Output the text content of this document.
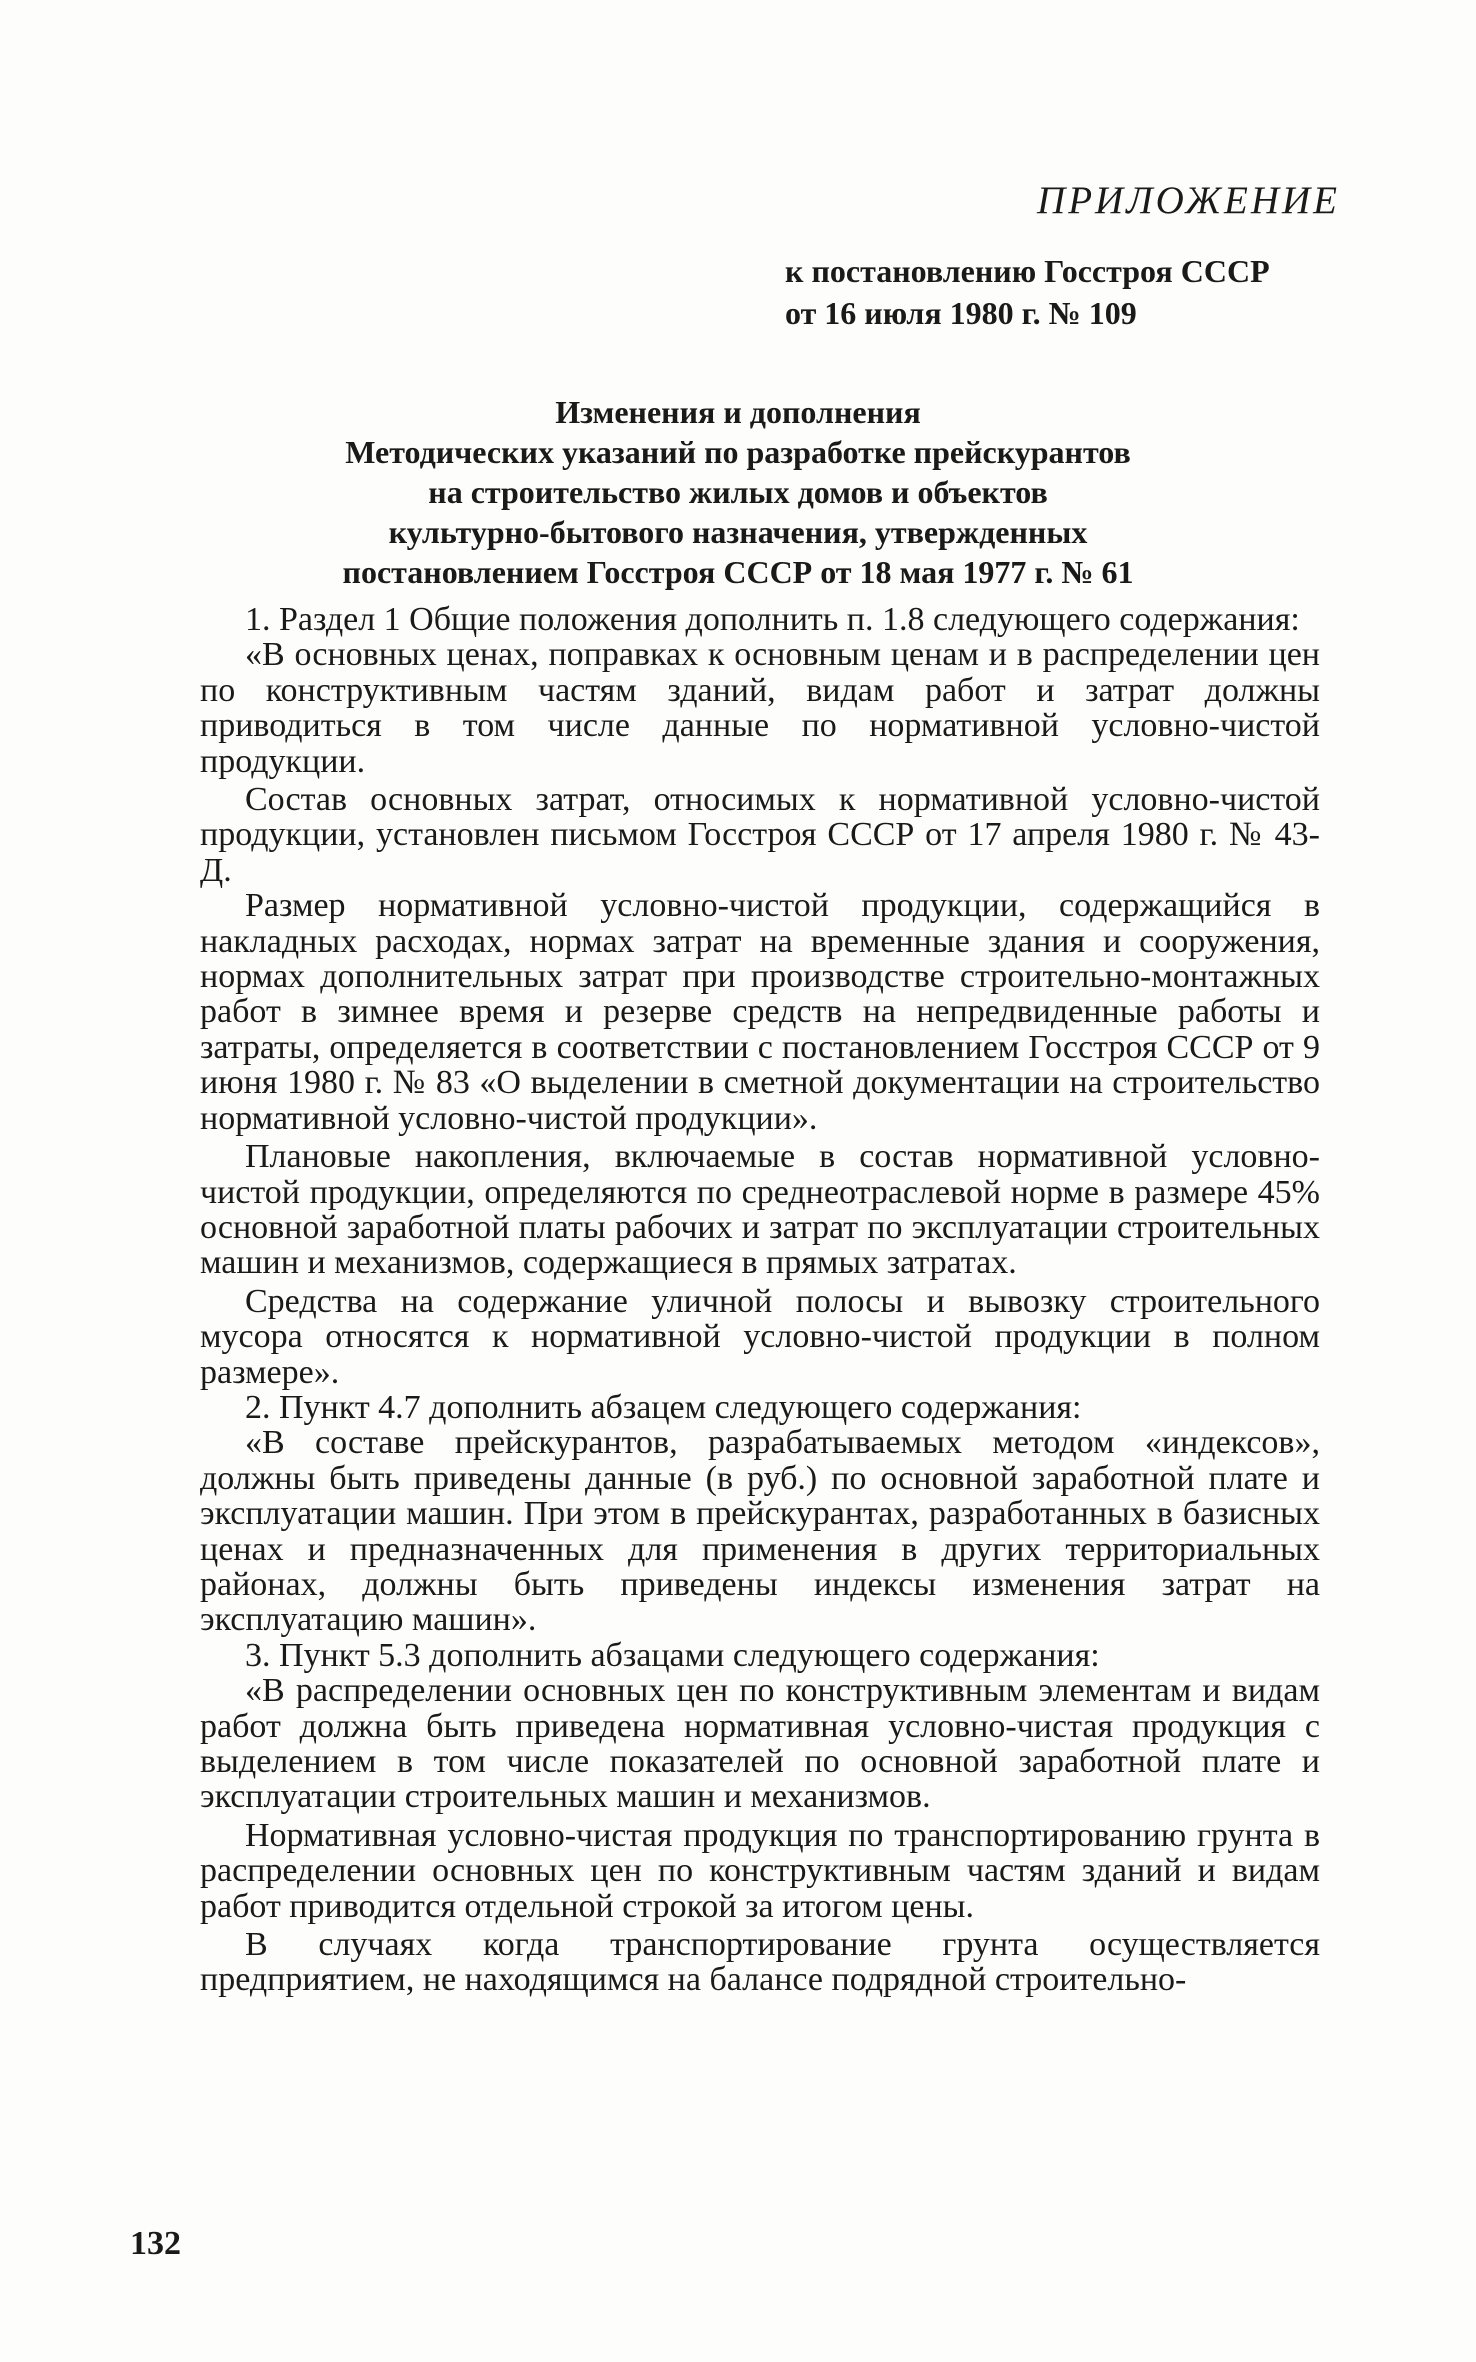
ПРИЛОЖЕНИЕ
к постановлению Госстроя СССР
от 16 июля 1980 г. № 109
Изменения и дополнения
Методических указаний по разработке прейскурантов
на строительство жилых домов и объектов
культурно-бытового назначения, утвержденных
постановлением Госстроя СССР от 18 мая 1977 г. № 61

1. Раздел 1 Общие положения дополнить п. 1.8 следующего содержания:

«В основных ценах, поправках к основным ценам и в распределении цен по конструктивным частям зданий, видам работ и затрат должны приводиться в том числе данные по нормативной условно-чистой продукции.

Состав основных затрат, относимых к нормативной условно-чистой продукции, установлен письмом Госстроя СССР от 17 апреля 1980 г. № 43-Д.

Размер нормативной условно-чистой продукции, содержащийся в накладных расходах, нормах затрат на временные здания и сооружения, нормах дополнительных затрат при производстве строительно-монтажных работ в зимнее время и резерве средств на непредвиденные работы и затраты, определяется в соответствии с постановлением Госстроя СССР от 9 июня 1980 г. № 83 «О выделении в сметной документации на строительство нормативной условно-чистой продукции».

Плановые накопления, включаемые в состав нормативной условно-чистой продукции, определяются по среднеотраслевой норме в размере 45% основной заработной платы рабочих и затрат по эксплуатации строительных машин и механизмов, содержащиеся в прямых затратах.

Средства на содержание уличной полосы и вывозку строительного мусора относятся к нормативной условно-чистой продукции в полном размере».

2. Пункт 4.7 дополнить абзацем следующего содержания:

«В составе прейскурантов, разрабатываемых методом «индексов», должны быть приведены данные (в руб.) по основной заработной плате и эксплуатации машин. При этом в прейскурантах, разработанных в базисных ценах и предназначенных для применения в других территориальных районах, должны быть приведены индексы изменения затрат на эксплуатацию машин».

3. Пункт 5.3 дополнить абзацами следующего содержания:

«В распределении основных цен по конструктивным элементам и видам работ должна быть приведена нормативная условно-чистая продукция с выделением в том числе показателей по основной заработной плате и эксплуатации строительных машин и механизмов.

Нормативная условно-чистая продукция по транспортированию грунта в распределении основных цен по конструктивным частям зданий и видам работ приводится отдельной строкой за итогом цены.

В случаях когда транспортирование грунта осуществляется предприятием, не находящимся на балансе подрядной строительно-

132
